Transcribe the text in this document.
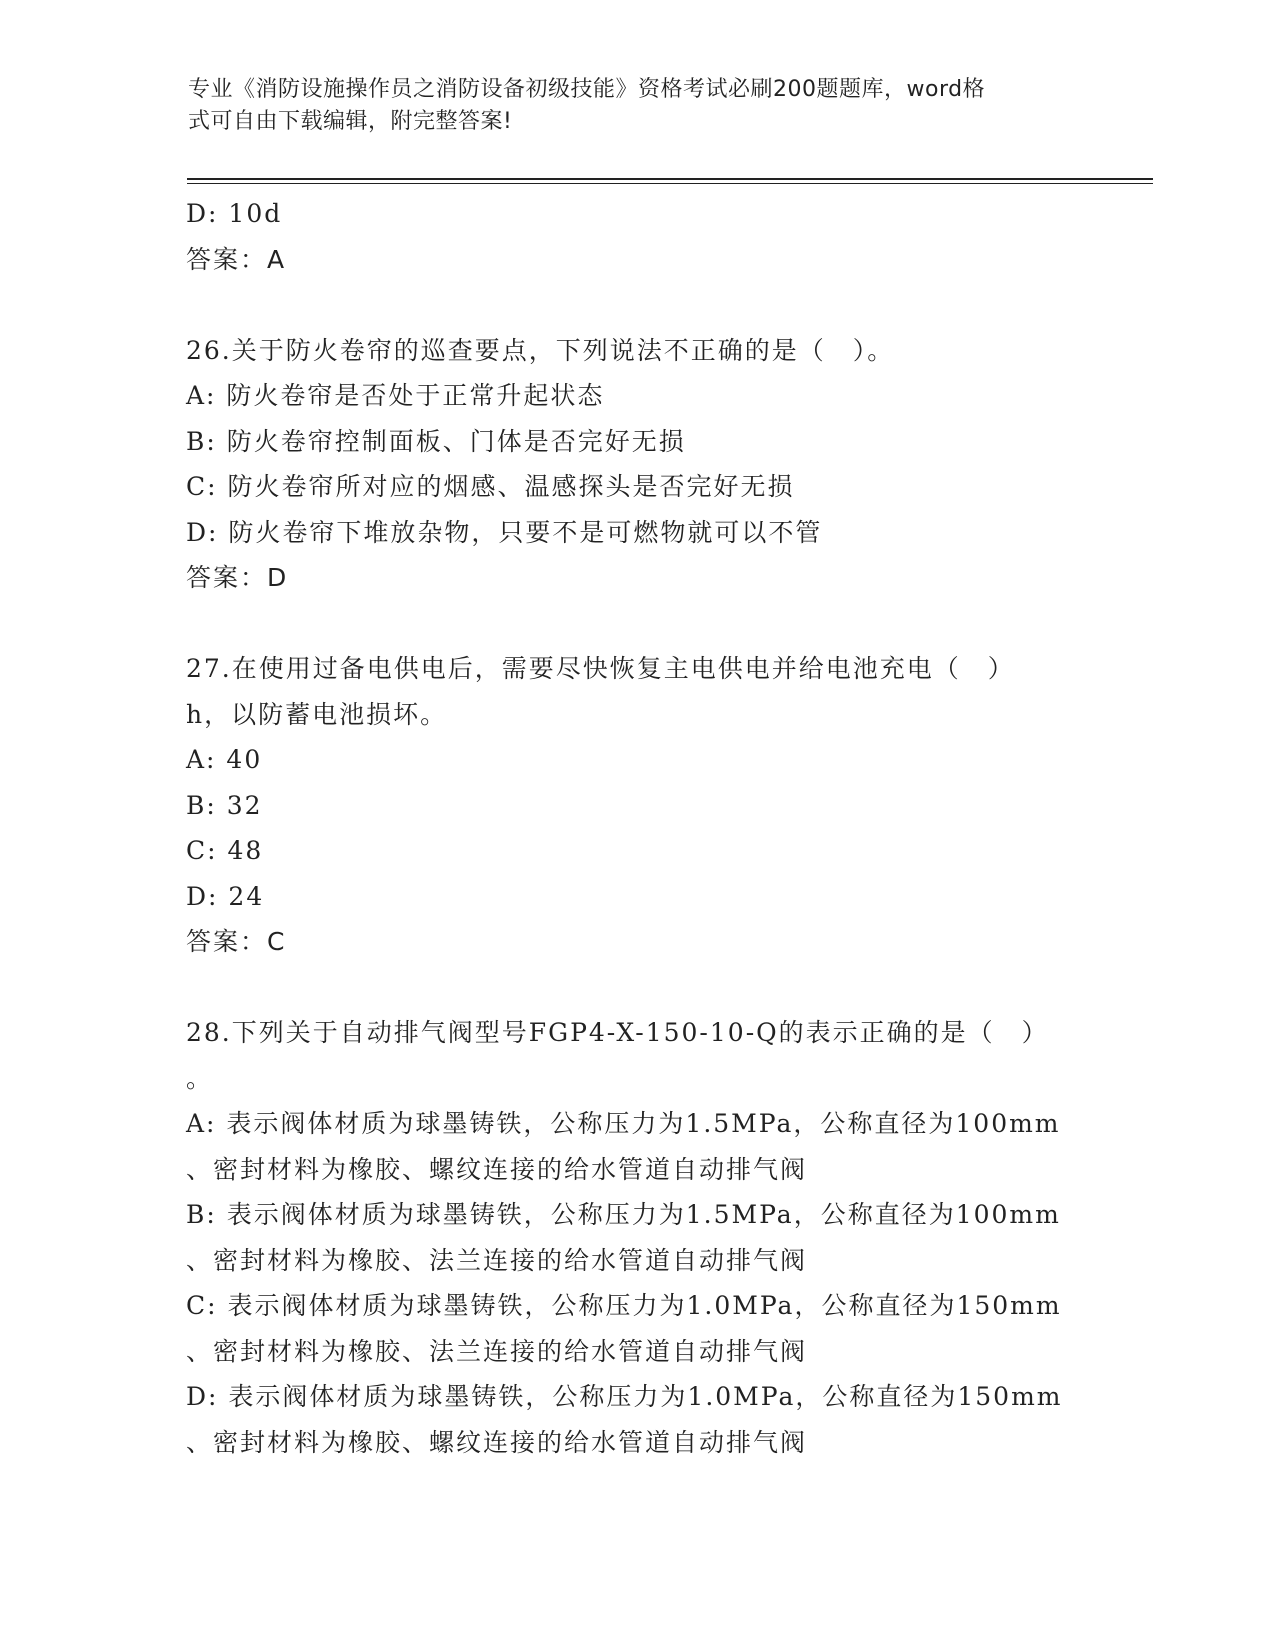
专业《消防设施操作员之消防设备初级技能》资格考试必刷200题题库，word格
式可自由下载编辑，附完整答案!
D: 10d
答案：A
26.关于防火卷帘的巡查要点，下列说法不正确的是（　）。
A: 防火卷帘是否处于正常升起状态
B: 防火卷帘控制面板、门体是否完好无损
C: 防火卷帘所对应的烟感、温感探头是否完好无损
D: 防火卷帘下堆放杂物，只要不是可燃物就可以不管
答案：D
27.在使用过备电供电后，需要尽快恢复主电供电并给电池充电（　）
h，以防蓄电池损坏。
A: 40
B: 32
C: 48
D: 24
答案：C
28.下列关于自动排气阀型号FGP4-X-150-10-Q的表示正确的是（　）
。
A: 表示阀体材质为球墨铸铁，公称压力为1.5MPa，公称直径为100mm
、密封材料为橡胶、螺纹连接的给水管道自动排气阀
B: 表示阀体材质为球墨铸铁，公称压力为1.5MPa，公称直径为100mm
、密封材料为橡胶、法兰连接的给水管道自动排气阀
C: 表示阀体材质为球墨铸铁，公称压力为1.0MPa，公称直径为150mm
、密封材料为橡胶、法兰连接的给水管道自动排气阀
D: 表示阀体材质为球墨铸铁，公称压力为1.0MPa，公称直径为150mm
、密封材料为橡胶、螺纹连接的给水管道自动排气阀
